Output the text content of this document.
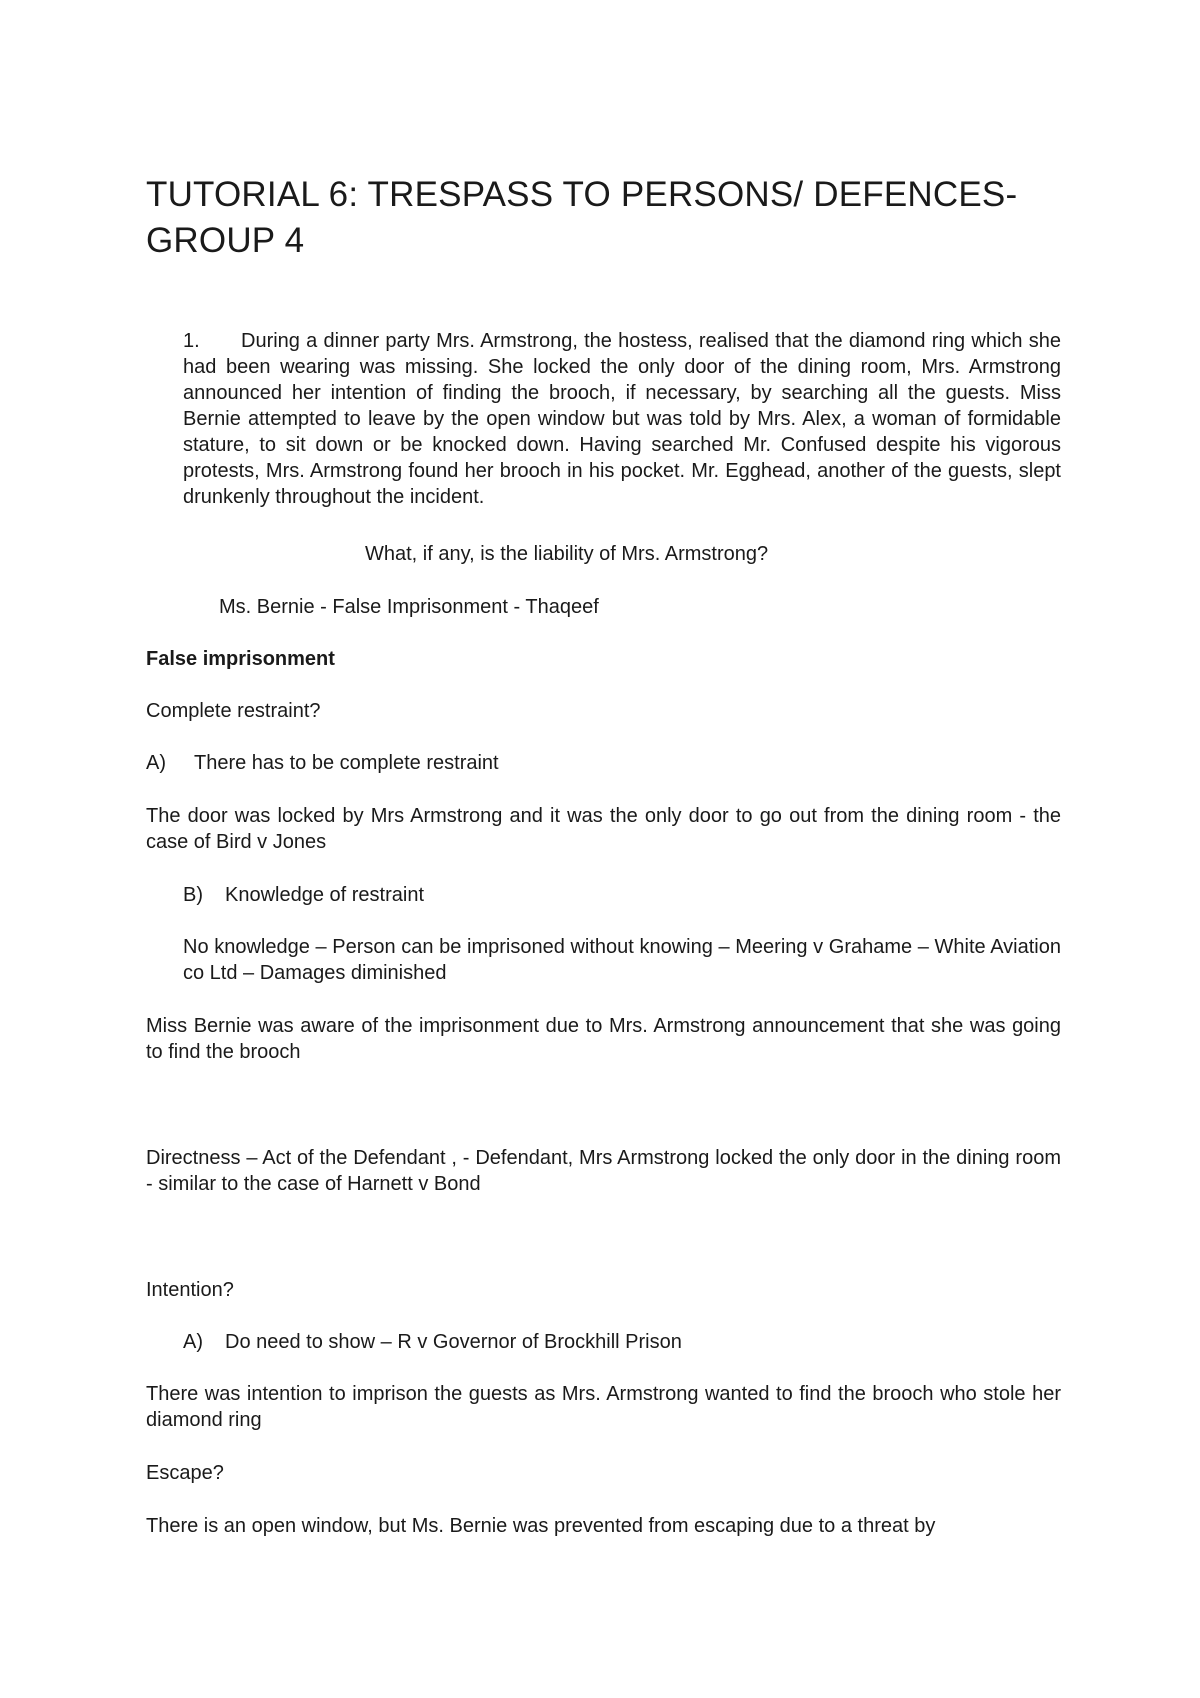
TUTORIAL 6: TRESPASS TO PERSONS/ DEFENCES-GROUP 4
1. During a dinner party Mrs. Armstrong, the hostess, realised that the diamond ring which she had been wearing was missing. She locked the only door of the dining room, Mrs. Armstrong announced her intention of finding the brooch, if necessary, by searching all the guests. Miss Bernie attempted to leave by the open window but was told by Mrs. Alex, a woman of formidable stature, to sit down or be knocked down. Having searched Mr. Confused despite his vigorous protests, Mrs. Armstrong found her brooch in his pocket. Mr. Egghead, another of the guests, slept drunkenly throughout the incident.

What, if any, is the liability of Mrs. Armstrong?

Ms. Bernie - False Imprisonment - Thaqeef

False imprisonment

Complete restraint?

A) There has to be complete restraint

The door was locked by Mrs Armstrong and it was the only door to go out from the dining room - the case of Bird v Jones

B) Knowledge of restraint

No knowledge – Person can be imprisoned without knowing – Meering v Grahame – White Aviation co Ltd – Damages diminished

Miss Bernie was aware of the imprisonment due to Mrs. Armstrong announcement that she was going to find the brooch

Directness – Act of the Defendant , - Defendant, Mrs Armstrong locked the only door in the dining room - similar to the case of Harnett v Bond

Intention?

A) Do need to show – R v Governor of Brockhill Prison

There was intention to imprison the guests as Mrs. Armstrong wanted to find the brooch who stole her diamond ring

Escape?

There is an open window, but Ms. Bernie was prevented from escaping due to a threat by
